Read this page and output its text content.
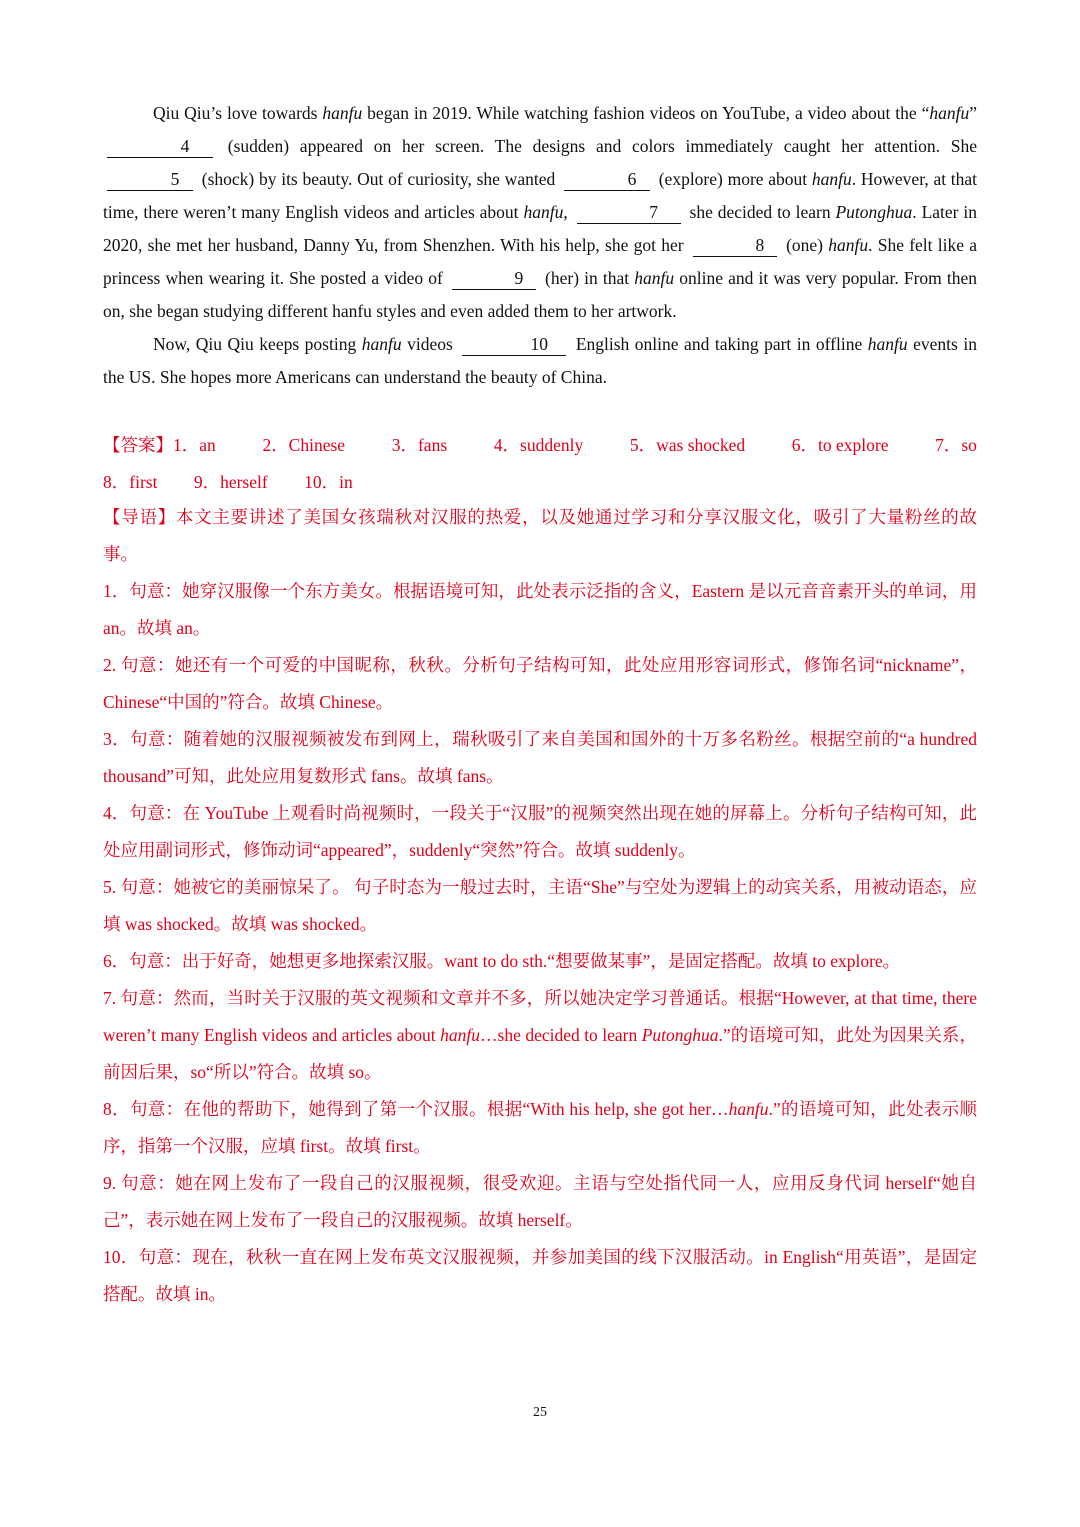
Qiu Qiu’s love towards hanfu began in 2019. While watching fashion videos on YouTube, a video about the “hanfu” 4 (sudden) appeared on her screen. The designs and colors immediately caught her attention. She 5 (shock) by its beauty. Out of curiosity, she wanted	6 (explore) more about hanfu. However, at that time, there weren’t many English videos and articles about hanfu,	7 she decided to learn Putonghua. Later in 2020, she met her husband, Danny Yu, from Shenzhen. With his help, she got her	8 (one) hanfu. She felt like a princess when wearing it. She posted a video of	9 (her) in that hanfu online and it was very popular. From then on, she began studying different hanfu styles and even added them to her artwork.

Now, Qiu Qiu keeps posting hanfu videos	10 English online and taking part in offline hanfu events in the US. She hopes more Americans can understand the beauty of China.

【答案】1．an	2．Chinese	3．fans	4．suddenly	5．was shocked	6．to explore	7．so
8．first 9．herself 10．in
【导语】本文主要讲述了美国女孩瑞秋对汉服的热爱，以及她通过学习和分享汉服文化，吸引了大量粉丝的故事。
1．句意：她穿汉服像一个东方美女。根据语境可知，此处表示泛指的含义，Eastern 是以元音音素开头的单词，用 an。故填 an。
2. 句意：她还有一个可爱的中国昵称，秋秋。分析句子结构可知，此处应用形容词形式，修饰名词“nickname”，Chinese“中国的”符合。故填 Chinese。
3．句意：随着她的汉服视频被发布到网上，瑞秋吸引了来自美国和国外的十万多名粉丝。根据空前的“a hundred thousand”可知，此处应用复数形式 fans。故填 fans。
4．句意：在 YouTube 上观看时尚视频时，一段关于“汉服”的视频突然出现在她的屏幕上。分析句子结构可知，此处应用副词形式，修饰动词“appeared”，suddenly“突然”符合。故填 suddenly。
5. 句意：她被它的美丽惊呆了。 句子时态为一般过去时，主语“She”与空处为逻辑上的动宾关系，用被动语态，应填 was shocked。故填 was shocked。
6．句意：出于好奇，她想更多地探索汉服。want to do sth.“想要做某事”，是固定搭配。故填 to explore。
7. 句意：然而，当时关于汉服的英文视频和文章并不多，所以她决定学习普通话。根据“However, at that time, there weren’t many English videos and articles about hanfu…she decided to learn Putonghua.”的语境可知，此处为因果关系，前因后果，so“所以”符合。故填 so。
8．句意：在他的帮助下，她得到了第一个汉服。根据“With his help, she got her…hanfu.”的语境可知，此处表示顺序，指第一个汉服，应填 first。故填 first。
9. 句意：她在网上发布了一段自己的汉服视频，很受欢迎。主语与空处指代同一人，应用反身代词 herself“她自己”，表示她在网上发布了一段自己的汉服视频。故填 herself。
10．句意：现在，秋秋一直在网上发布英文汉服视频，并参加美国的线下汉服活动。in English“用英语”，是固定搭配。故填 in。
25
